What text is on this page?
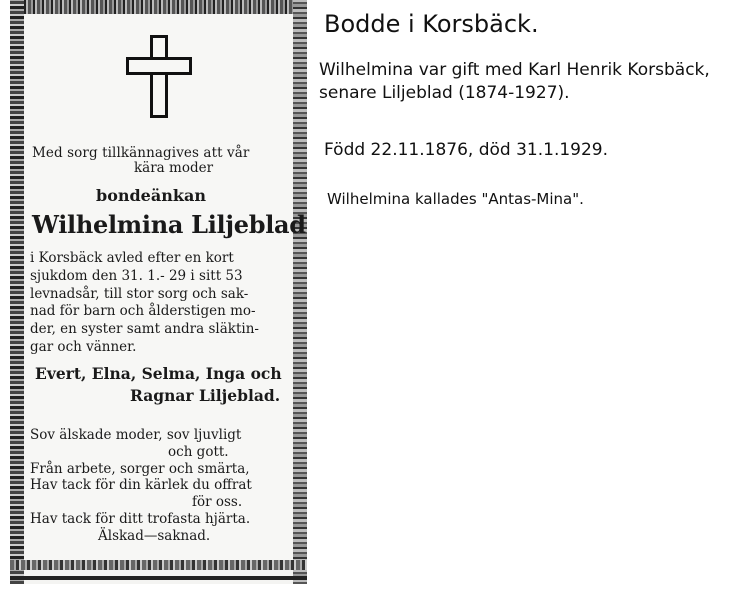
Med sorg tillkännagives att vår
kära moder
bondeänkan
Wilhelmina Liljeblad
i Korsbäck avled efter en kort
sjukdom den 31. 1.- 29 i sitt 53
levnadsår, till stor sorg och sak-
nad för barn och ålderstigen mo-
der, en syster samt andra släktin-
gar och vänner.
Evert, Elna, Selma, Inga och
Ragnar Liljeblad.
Sov älskade moder, sov ljuvligt
och gott.
Från arbete, sorger och smärta,
Hav tack för din kärlek du offrat
för oss.
Hav tack för ditt trofasta hjärta.
Älskad—saknad.
Bodde i Korsbäck.
Wilhelmina var gift med Karl Henrik Korsbäck,
senare Liljeblad (1874-1927).
Född 22.11.1876, död 31.1.1929.
Wilhelmina kallades "Antas-Mina".
